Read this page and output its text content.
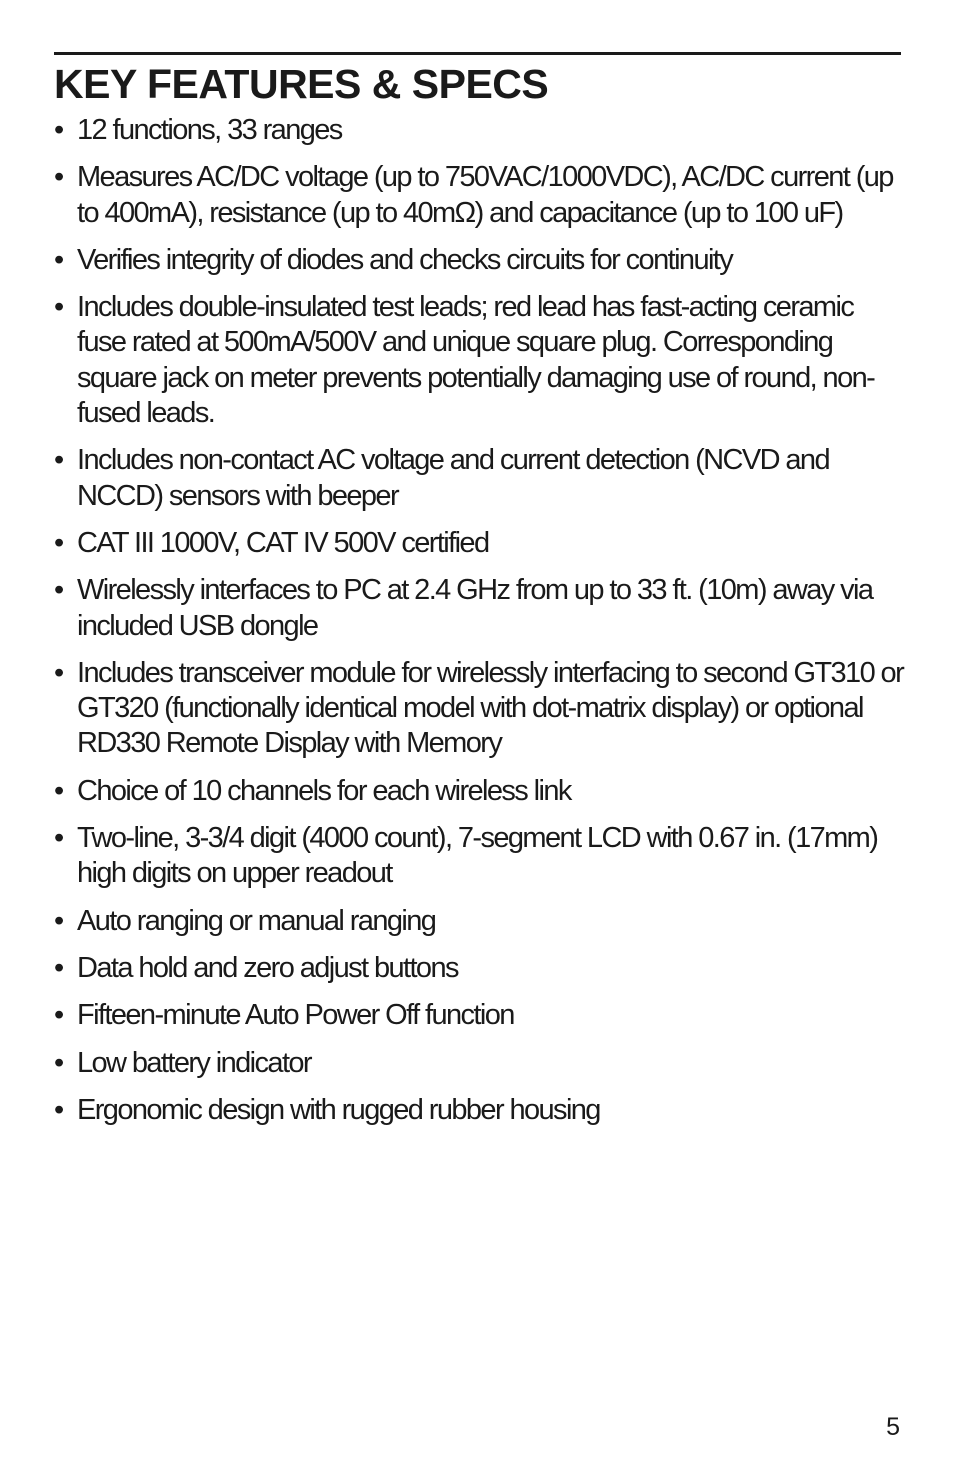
KEY FEATURES & SPECS
• 12 functions, 33 ranges
• Measures AC/DC voltage (up to 750VAC/1000VDC), AC/DC current (up to 400mA), resistance (up to 40mΩ) and capacitance (up to 100 uF)
• Verifies integrity of diodes and checks circuits for continuity
• Includes double-insulated test leads; red lead has fast-acting ceramic fuse rated at 500mA/500V and unique square plug. Corresponding square jack on meter prevents potentially damaging use of round, non-fused leads.
• Includes non-contact AC voltage and current detection (NCVD and NCCD) sensors with beeper
• CAT III 1000V, CAT IV 500V certified
• Wirelessly interfaces to PC at 2.4 GHz from up to 33 ft. (10m) away via included USB dongle
• Includes transceiver module for wirelessly interfacing to second GT310 or GT320 (functionally identical model with dot-matrix display) or optional RD330 Remote Display with Memory
• Choice of 10 channels for each wireless link
• Two-line, 3-3/4 digit (4000 count), 7-segment LCD with 0.67 in. (17mm) high digits on upper readout
• Auto ranging or manual ranging
• Data hold and zero adjust buttons
• Fifteen-minute Auto Power Off function
• Low battery indicator
• Ergonomic design with rugged rubber housing
5
